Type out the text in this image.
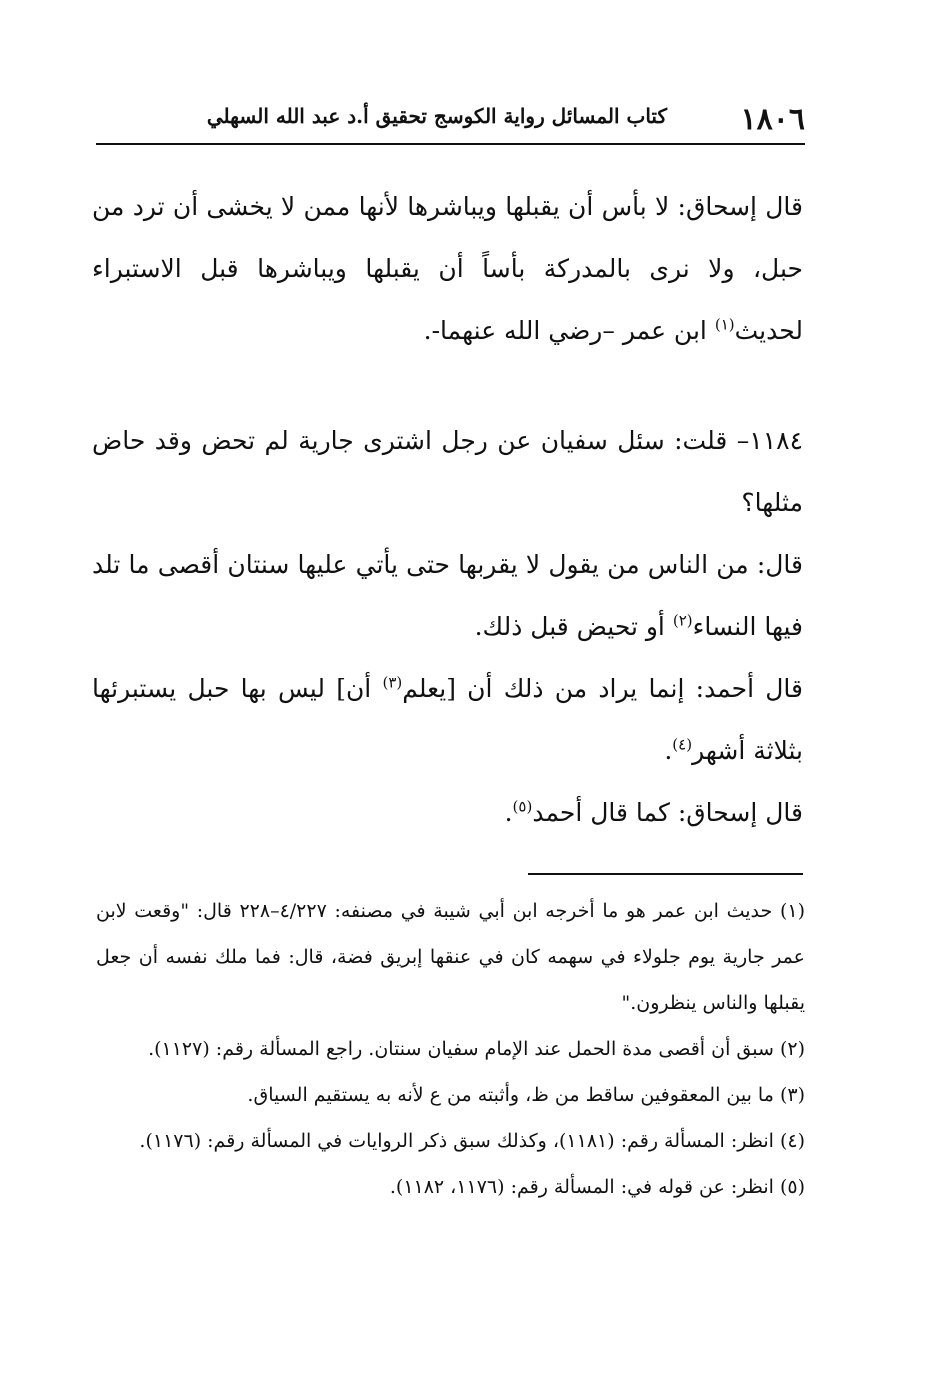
١٨٠٦
كتاب المسائل رواية الكوسج تحقيق أ.د عبد الله السهلي

قال إسحاق: لا بأس أن يقبلها ويباشرها لأنها ممن لا يخشى أن ترد من حبل، ولا نرى بالمدركة بأساً أن يقبلها ويباشرها قبل الاستبراء لحديث$^{(١)}$ ابن عمر –رضي الله عنهما-.

١١٨٤– قلت: سئل سفيان عن رجل اشترى جارية لم تحض وقد حاض مثلها؟

قال: من الناس من يقول لا يقربها حتى يأتي عليها سنتان أقصى ما تلد فيها النساء$^{(٢)}$ أو تحيض قبل ذلك.

قال أحمد: إنما يراد من ذلك أن [يعلم$^{(٣)}$ أن] ليس بها حبل يستبرئها بثلاثة أشهر$^{(٤)}$.

قال إسحاق: كما قال أحمد$^{(٥)}$.

(١) حديث ابن عمر هو ما أخرجه ابن أبي شيبة في مصنفه: ٤/٢٢٧–٢٢٨ قال: "وقعت لابن عمر جارية يوم جلولاء في سهمه كان في عنقها إبريق فضة، قال: فما ملك نفسه أن جعل يقبلها والناس ينظرون."

(٢) سبق أن أقصى مدة الحمل عند الإمام سفيان سنتان. راجع المسألة رقم: (١١٢٧).

(٣) ما بين المعقوفين ساقط من ظ، وأثبته من ع لأنه به يستقيم السياق.

(٤) انظر: المسألة رقم: (١١٨١)، وكذلك سبق ذكر الروايات في المسألة رقم: (١١٧٦).

(٥) انظر: عن قوله في: المسألة رقم: (١١٧٦، ١١٨٢).
